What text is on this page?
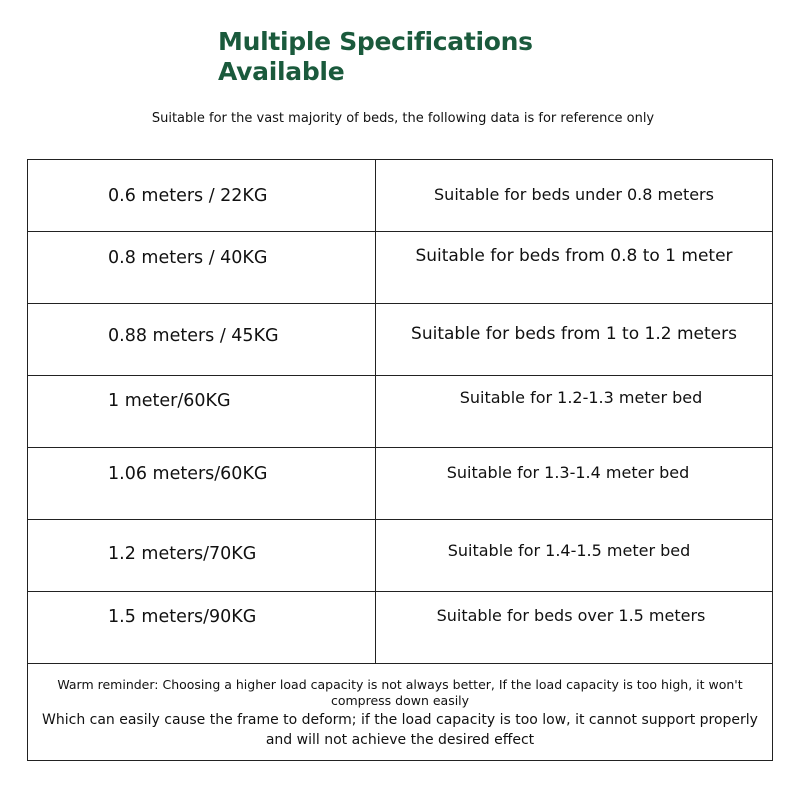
Multiple Specifications Available
Suitable for the vast majority of beds, the following data is for reference only
0.6 meters / 22KG	Suitable for beds under 0.8 meters
0.8 meters / 40KG	Suitable for beds from 0.8 to 1 meter
0.88 meters / 45KG	Suitable for beds from 1 to 1.2 meters
1 meter/60KG	Suitable for 1.2-1.3 meter bed
1.06 meters/60KG	Suitable for 1.3-1.4 meter bed
1.2 meters/70KG	Suitable for 1.4-1.5 meter bed
1.5 meters/90KG	Suitable for beds over 1.5 meters
Warm reminder: Choosing a higher load capacity is not always better, If the load capacity is too high, it won't compress down easily
Which can easily cause the frame to deform; if the load capacity is too low, it cannot support properly and will not achieve the desired effect
